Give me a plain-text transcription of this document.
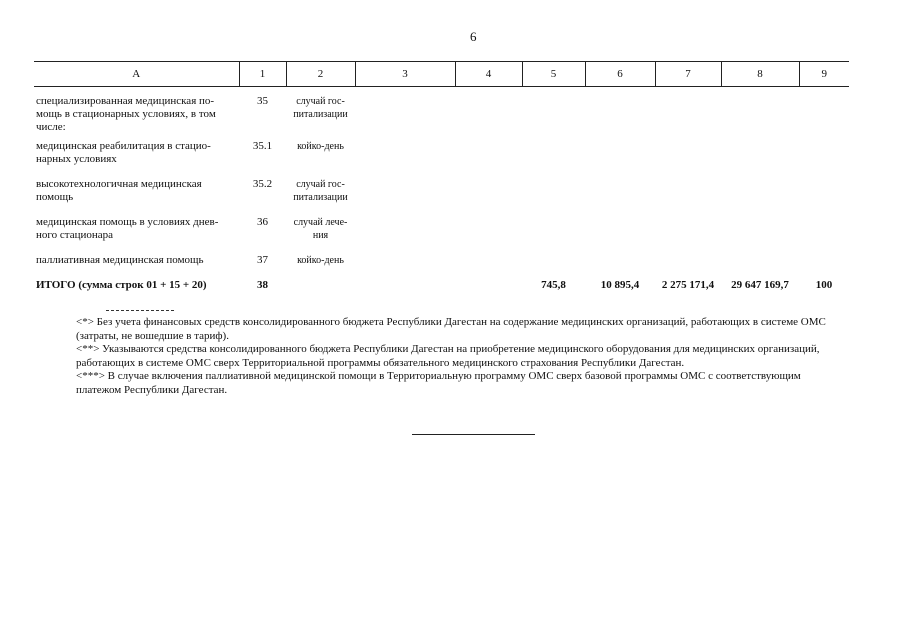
6
A	1	2	3	4	5	6	7	8	9
специализированная медицинская по-мощь в стационарных условиях, в том числе:	35	случай гос-питализации							
медицинская реабилитация в стацио-нарных условиях	35.1	койко-день							
высокотехнологичная медицинская помощь	35.2	случай гос-питализации							
медицинская помощь в условиях днев-ного стационара	36	случай лече-ния							
паллиативная медицинская помощь	37	койко-день							
ИТОГО (сумма строк 01 + 15 + 20)	38				745,8	10 895,4	2 275 171,4	29 647 169,7	100

<*> Без учета финансовых средств консолидированного бюджета Республики Дагестан на содержание медицинских организаций, работающих в системе ОМС (затраты, не вошедшие в тариф).

<**> Указываются средства консолидированного бюджета Республики Дагестан на приобретение медицинского оборудования для медицинских организаций, работающих в системе ОМС сверх Территориальной программы обязательного медицинского страхования Республики Дагестан.

<***> В случае включения паллиативной медицинской помощи в Территориальную программу ОМС сверх базовой программы ОМС с соответствующим платежом Республики Дагестан.
